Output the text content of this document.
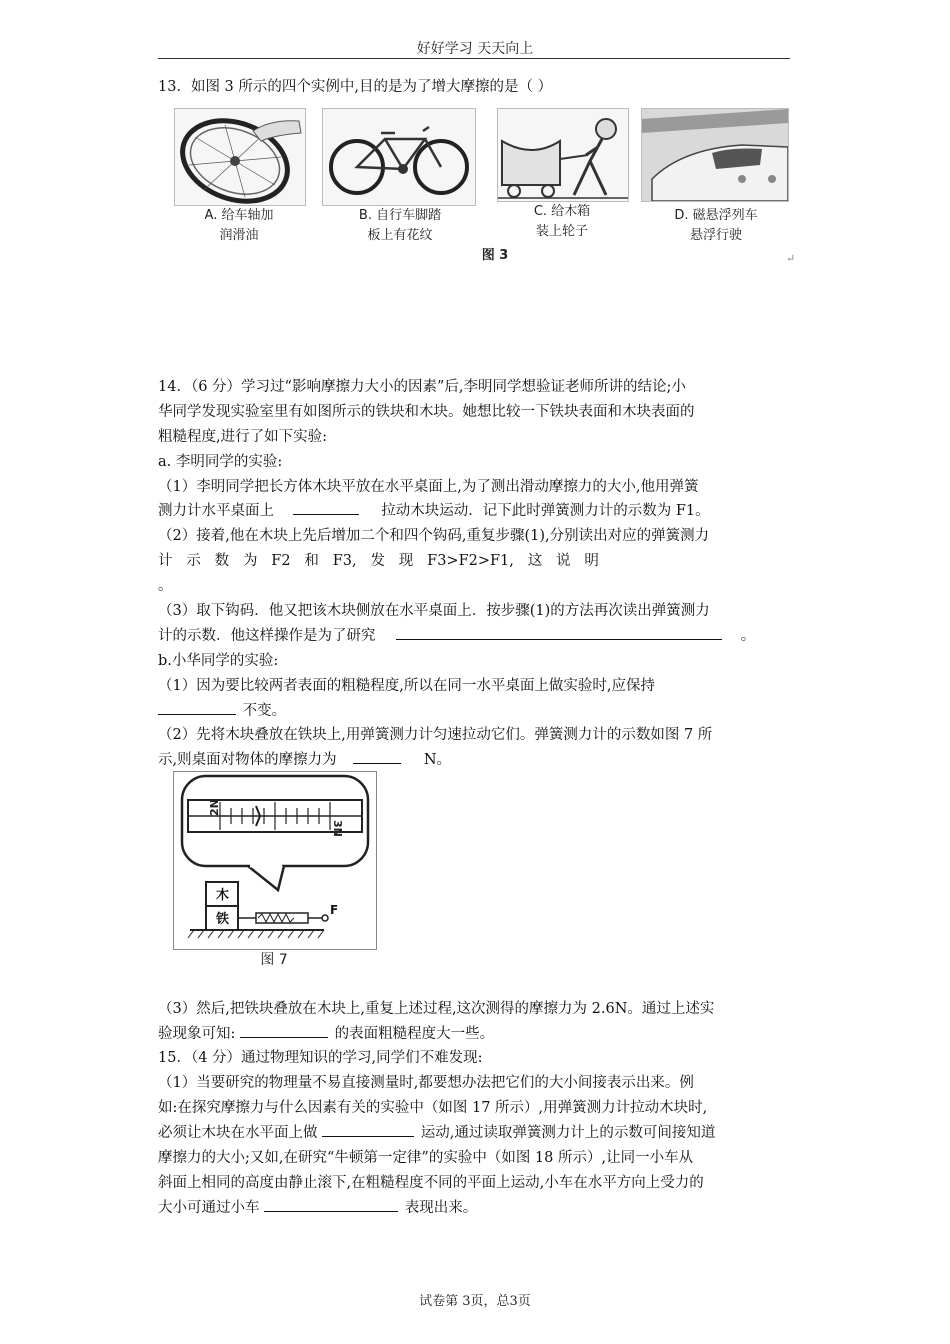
好好学习 天天向上
13．如图 3 所示的四个实例中,目的是为了增大摩擦的是（ ）
A. 给车轴加
润滑油
B. 自行车脚踏
板上有花纹
C. 给木箱
装上轮子
D. 磁悬浮列车
悬浮行驶
图 3	↵
14．（6 分）学习过“影响摩擦力大小的因素”后,李明同学想验证老师所讲的结论;小
华同学发现实验室里有如图所示的铁块和木块。她想比较一下铁块表面和木块表面的
粗糙程度,进行了如下实验:
a. 李明同学的实验:
（1）李明同学把长方体木块平放在水平桌面上,为了测出滑动摩擦力的大小,他用弹簧
测力计水平桌面上	拉动木块运动．记下此时弹簧测力计的示数为 F1。
（2）接着,他在木块上先后增加二个和四个钩码,重复步骤(1),分别读出对应的弹簧测力
计   示   数   为   F2   和   F3,   发   现   F3>F2>F1,   这   说   明
。
（3）取下钩码．他又把该木块侧放在水平桌面上．按步骤(1)的方法再次读出弹簧测力
计的示数．他这样操作是为了研究	。
b.小华同学的实验:
（1）因为要比较两者表面的粗糙程度,所以在同一水平桌面上做实验时,应保持
不变。
（2）先将木块叠放在铁块上,用弹簧测力计匀速拉动它们。弹簧测力计的示数如图 7 所
示,则桌面对物体的摩擦力为	N。
2N
3N
木
铁
F
图 7
（3）然后,把铁块叠放在木块上,重复上述过程,这次测得的摩擦力为 2.6N。通过上述实
验现象可知:	的表面粗糙程度大一些。
15．（4 分）通过物理知识的学习,同学们不难发现:
（1）当要研究的物理量不易直接测量时,都要想办法把它们的大小间接表示出来。例
如:在探究摩擦力与什么因素有关的实验中（如图 17 所示）,用弹簧测力计拉动木块时,
必须让木块在水平面上做	运动,通过读取弹簧测力计上的示数可间接知道
摩擦力的大小;又如,在研究“牛顿第一定律”的实验中（如图 18 所示）,让同一小车从
斜面上相同的高度由静止滚下,在粗糙程度不同的平面上运动,小车在水平方向上受力的
大小可通过小车	表现出来。
试卷第 3页，总3页
